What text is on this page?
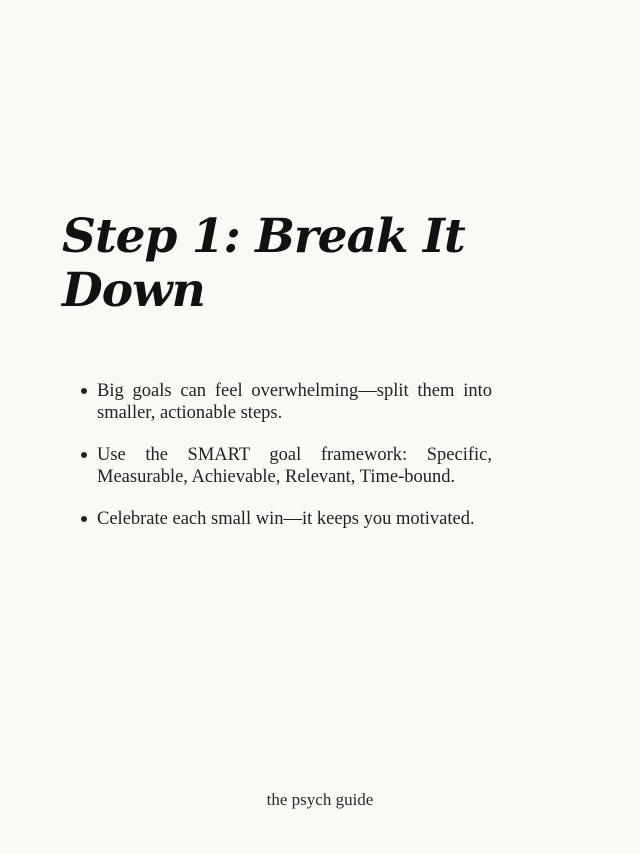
Step 1: Break It Down
Big goals can feel overwhelming—split them into smaller, actionable steps.
Use the SMART goal framework: Specific, Measurable, Achievable, Relevant, Time-bound.
Celebrate each small win—it keeps you motivated.
the psych guide
